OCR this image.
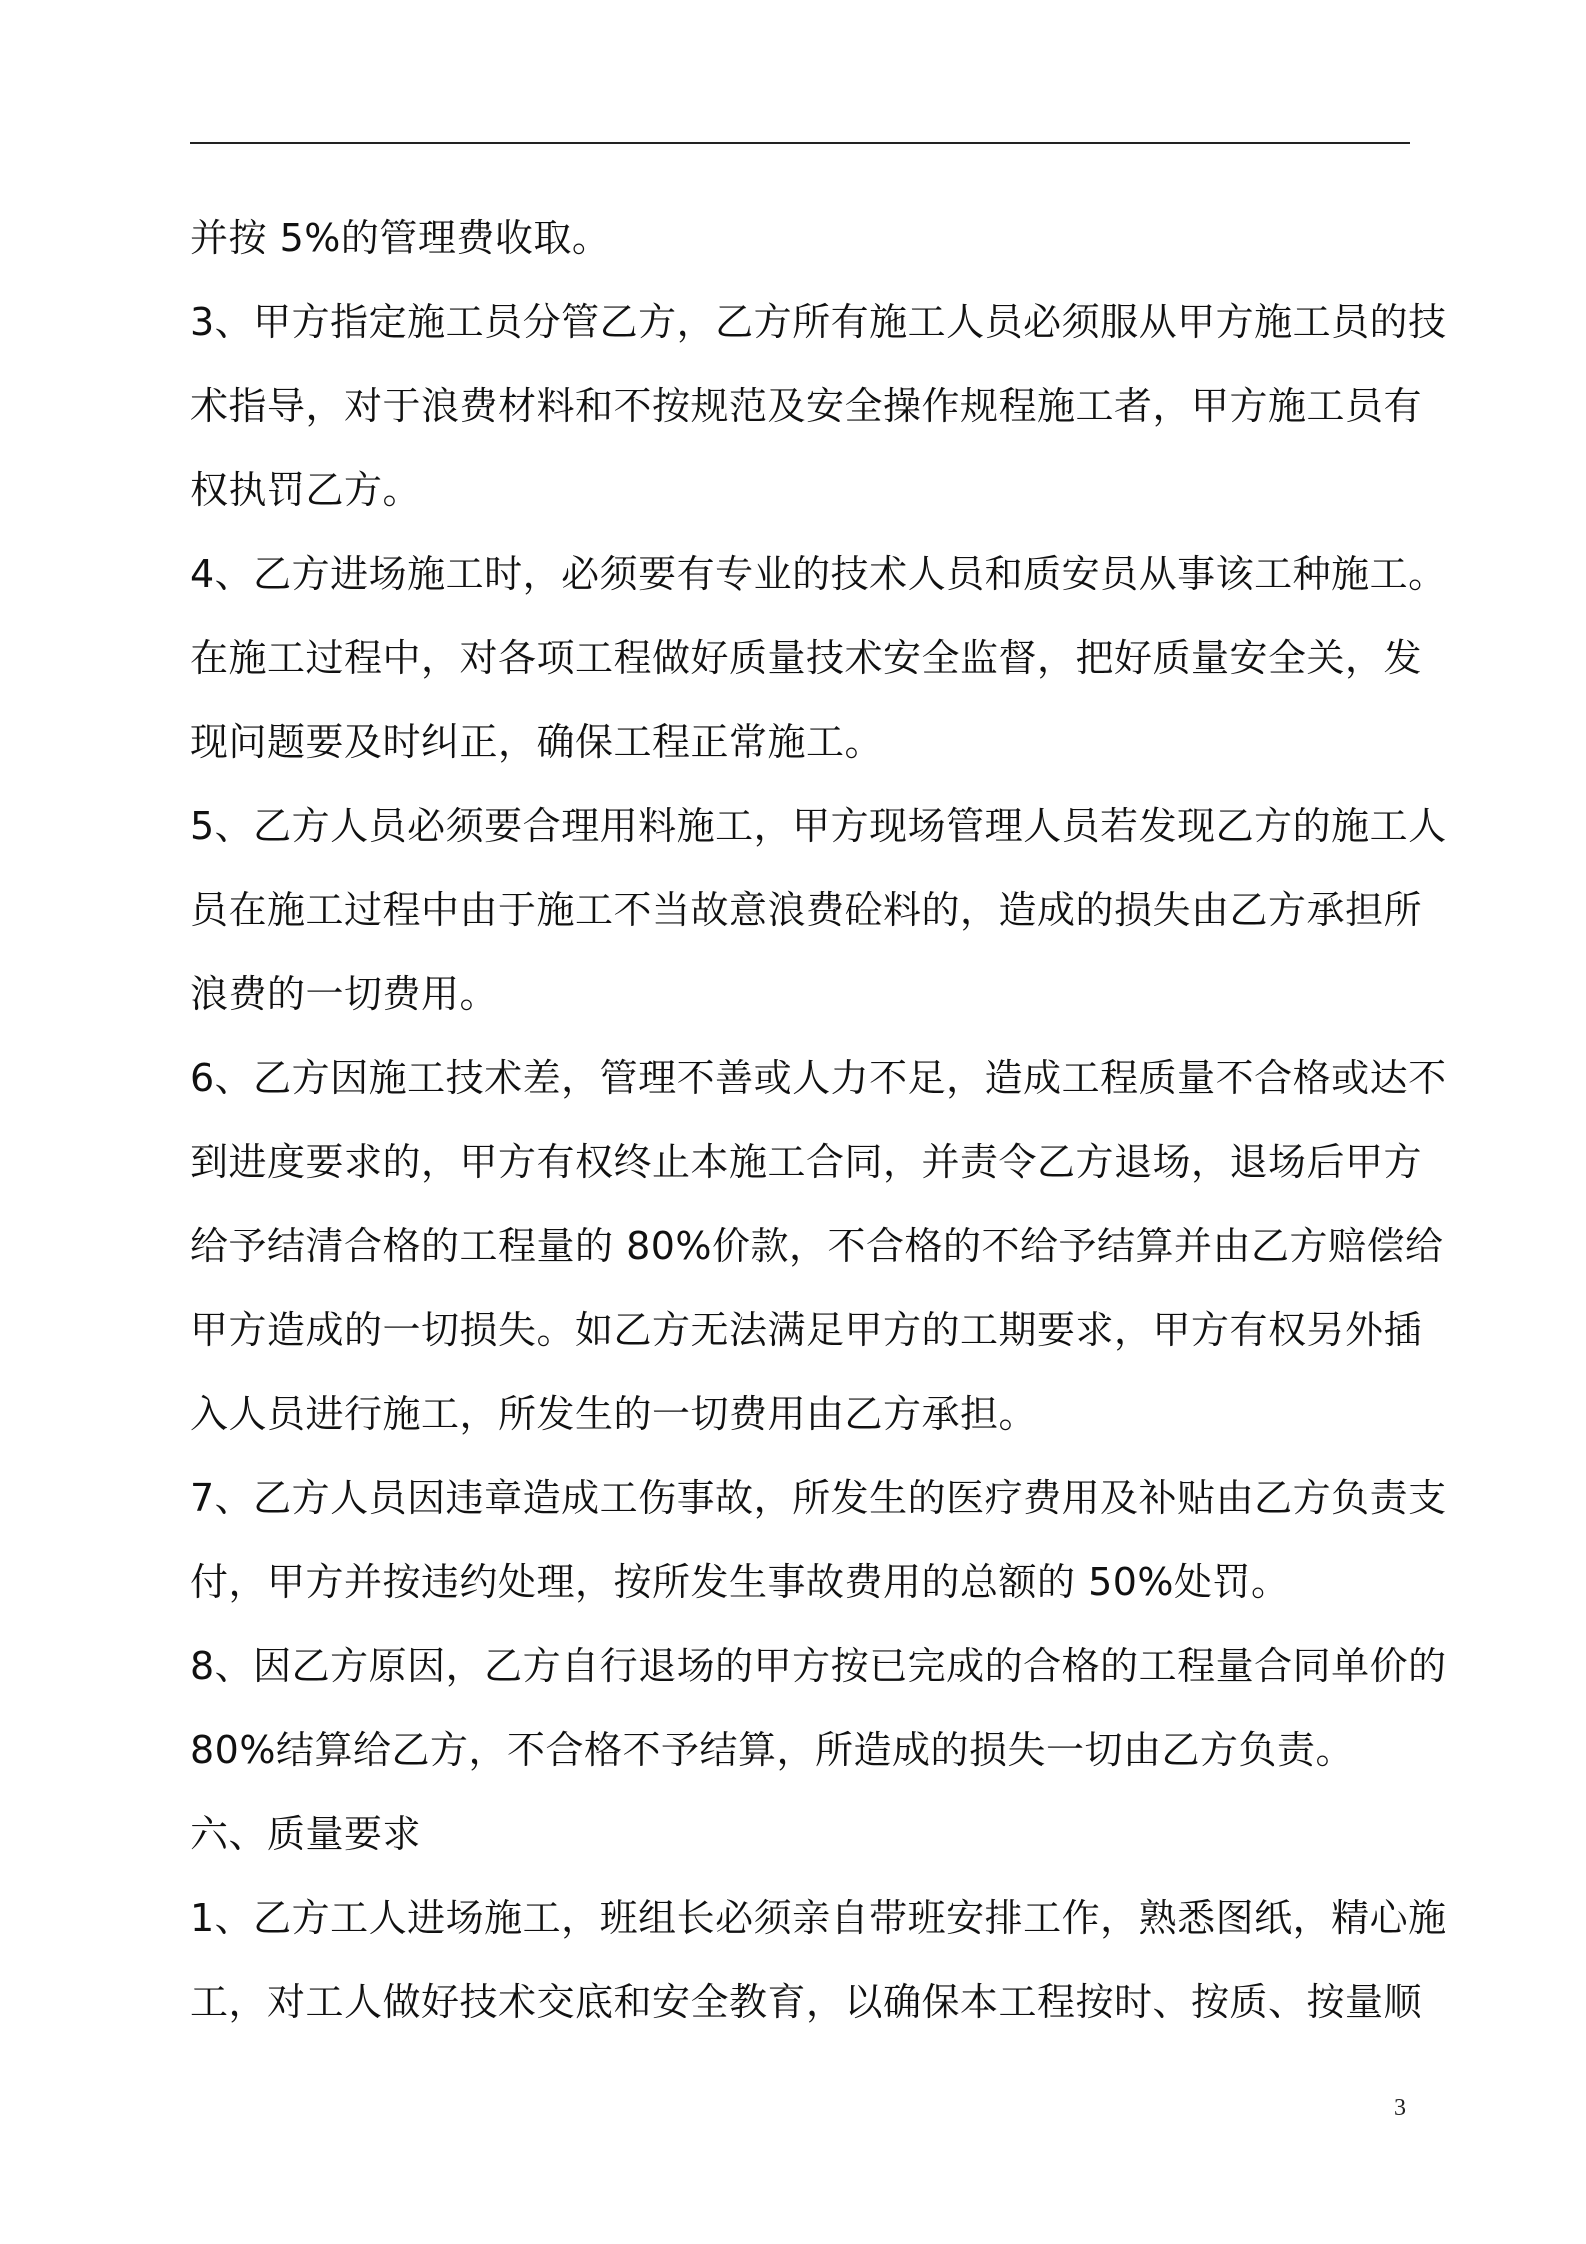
并按 5%的管理费收取。
3、甲方指定施工员分管乙方，乙方所有施工人员必须服从甲方施工员的技
术指导，对于浪费材料和不按规范及安全操作规程施工者，甲方施工员有
权执罚乙方。
4、乙方进场施工时，必须要有专业的技术人员和质安员从事该工种施工。
在施工过程中，对各项工程做好质量技术安全监督，把好质量安全关，发
现问题要及时纠正，确保工程正常施工。
5、乙方人员必须要合理用料施工，甲方现场管理人员若发现乙方的施工人
员在施工过程中由于施工不当故意浪费砼料的，造成的损失由乙方承担所
浪费的一切费用。
6、乙方因施工技术差，管理不善或人力不足，造成工程质量不合格或达不
到进度要求的，甲方有权终止本施工合同，并责令乙方退场，退场后甲方
给予结清合格的工程量的 80%价款，不合格的不给予结算并由乙方赔偿给
甲方造成的一切损失。如乙方无法满足甲方的工期要求，甲方有权另外插
入人员进行施工，所发生的一切费用由乙方承担。
7、乙方人员因违章造成工伤事故，所发生的医疗费用及补贴由乙方负责支
付，甲方并按违约处理，按所发生事故费用的总额的 50%处罚。
8、因乙方原因，乙方自行退场的甲方按已完成的合格的工程量合同单价的
80%结算给乙方，不合格不予结算，所造成的损失一切由乙方负责。
六、质量要求
1、乙方工人进场施工，班组长必须亲自带班安排工作，熟悉图纸，精心施
工，对工人做好技术交底和安全教育，以确保本工程按时、按质、按量顺
3
